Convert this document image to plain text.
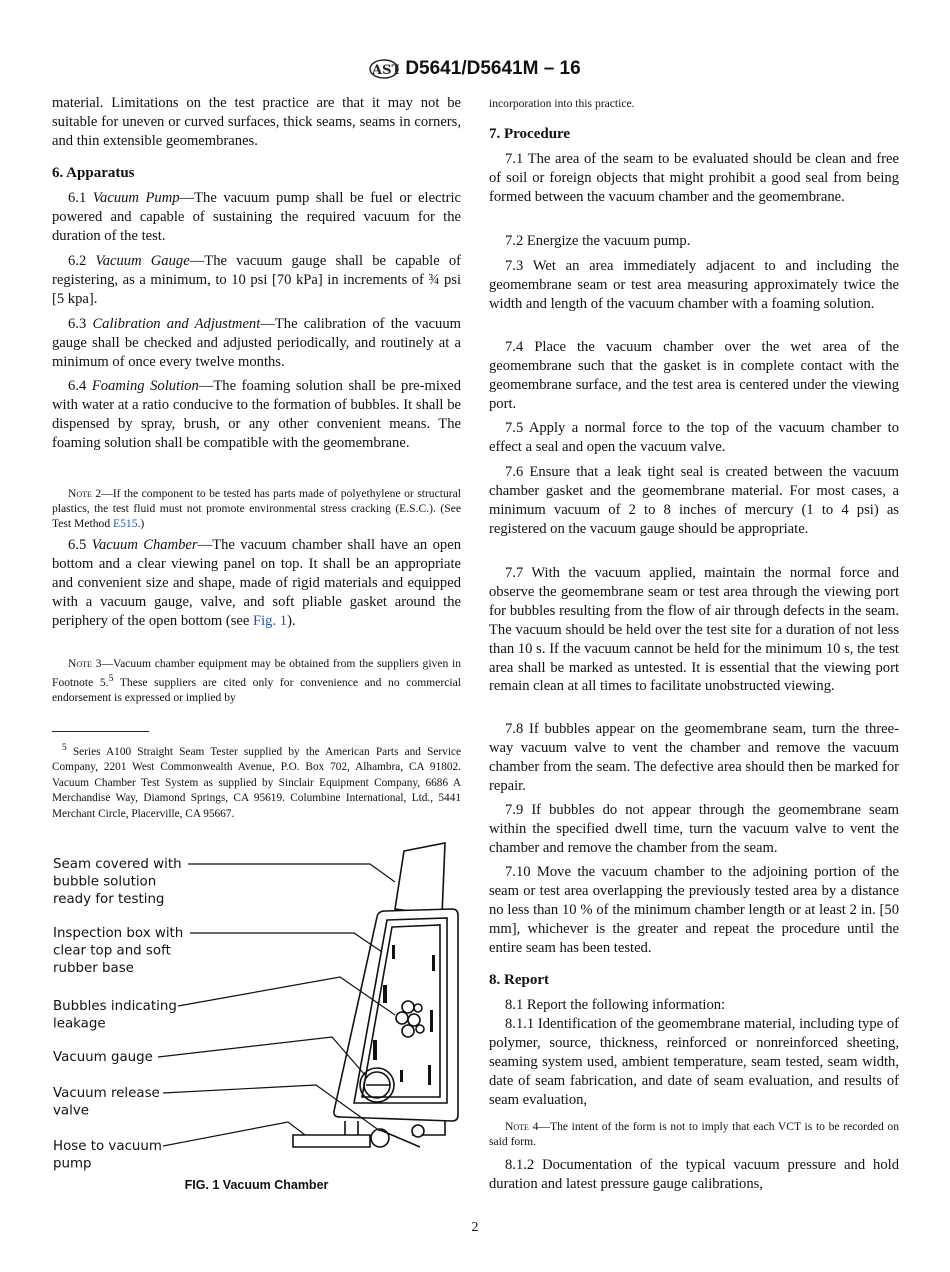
AST D5641/D5641M – 16
material. Limitations on the test practice are that it may not be suitable for uneven or curved surfaces, thick seams, seams in corners, and thin extensible geomembranes.
6. Apparatus
6.1 Vacuum Pump—The vacuum pump shall be fuel or electric powered and capable of sustaining the required vacuum for the duration of the test.
6.2 Vacuum Gauge—The vacuum gauge shall be capable of registering, as a minimum, to 10 psi [70 kPa] in increments of ¾ psi [5 kpa].
6.3 Calibration and Adjustment—The calibration of the vacuum gauge shall be checked and adjusted periodically, and routinely at a minimum of once every twelve months.
6.4 Foaming Solution—The foaming solution shall be pre-mixed with water at a ratio conducive to the formation of bubbles. It shall be dispensed by spray, brush, or any other convenient means. The foaming solution shall be compatible with the geomembrane.
Note 2—If the component to be tested has parts made of polyethylene or structural plastics, the test fluid must not promote environmental stress cracking (E.S.C.). (See Test Method E515.)
6.5 Vacuum Chamber—The vacuum chamber shall have an open bottom and a clear viewing panel on top. It shall be an appropriate and convenient size and shape, made of rigid materials and equipped with a vacuum gauge, valve, and soft pliable gasket around the periphery of the open bottom (see Fig. 1).
Note 3—Vacuum chamber equipment may be obtained from the suppliers given in Footnote 5.$^5$ These suppliers are cited only for convenience and no commercial endorsement is expressed or implied by
$^5$ Series A100 Straight Seam Tester supplied by the American Parts and Service Company, 2201 West Commonwealth Avenue, P.O. Box 702, Alhambra, CA 91802. Vacuum Chamber Test System as supplied by Sinclair Equipment Company, 6686 A Merchandise Way, Diamond Springs, CA 95619. Columbine International, Ltd., 5441 Merchant Circle, Placerville, CA 95667.
Seam covered with bubble solution ready for testing
Inspection box with clear top and soft rubber base
Bubbles indicating leakage
Vacuum gauge
Vacuum release valve
Hose to vacuum pump
FIG. 1 Vacuum Chamber
incorporation into this practice.
7. Procedure
7.1 The area of the seam to be evaluated should be clean and free of soil or foreign objects that might prohibit a good seal from being formed between the vacuum chamber and the geomembrane.
7.2 Energize the vacuum pump.
7.3 Wet an area immediately adjacent to and including the geomembrane seam or test area measuring approximately twice the width and length of the vacuum chamber with a foaming solution.
7.4 Place the vacuum chamber over the wet area of the geomembrane such that the gasket is in complete contact with the geomembrane surface, and the test area is centered under the viewing port.
7.5 Apply a normal force to the top of the vacuum chamber to effect a seal and open the vacuum valve.
7.6 Ensure that a leak tight seal is created between the vacuum chamber gasket and the geomembrane material. For most cases, a minimum vacuum of 2 to 8 inches of mercury (1 to 4 psi) as registered on the vacuum gauge should be appropriate.
7.7 With the vacuum applied, maintain the normal force and observe the geomembrane seam or test area through the viewing port for bubbles resulting from the flow of air through defects in the seam. The vacuum should be held over the test site for a duration of not less than 10 s. If the vacuum cannot be held for the minimum 10 s, the test area shall be marked as untested. It is essential that the viewing port remain clean at all times to facilitate unobstructed viewing.
7.8 If bubbles appear on the geomembrane seam, turn the three-way vacuum valve to vent the chamber and remove the vacuum chamber from the seam. The defective area should then be marked for repair.
7.9 If bubbles do not appear through the geomembrane seam within the specified dwell time, turn the vacuum valve to vent the chamber and remove the chamber from the seam.
7.10 Move the vacuum chamber to the adjoining portion of the seam or test area overlapping the previously tested area by a distance no less than 10 % of the minimum chamber length or at least 2 in. [50 mm], whichever is the greater and repeat the procedure until the entire seam has been tested.
8. Report
8.1 Report the following information:
8.1.1 Identification of the geomembrane material, including type of polymer, source, thickness, reinforced or nonreinforced sheeting, seaming system used, ambient temperature, seam tested, seam width, date of seam fabrication, and date of seam evaluation, and results of seam evaluation,
Note 4—The intent of the form is not to imply that each VCT is to be recorded on said form.
8.1.2 Documentation of the typical vacuum pressure and hold duration and latest pressure gauge calibrations,
2
